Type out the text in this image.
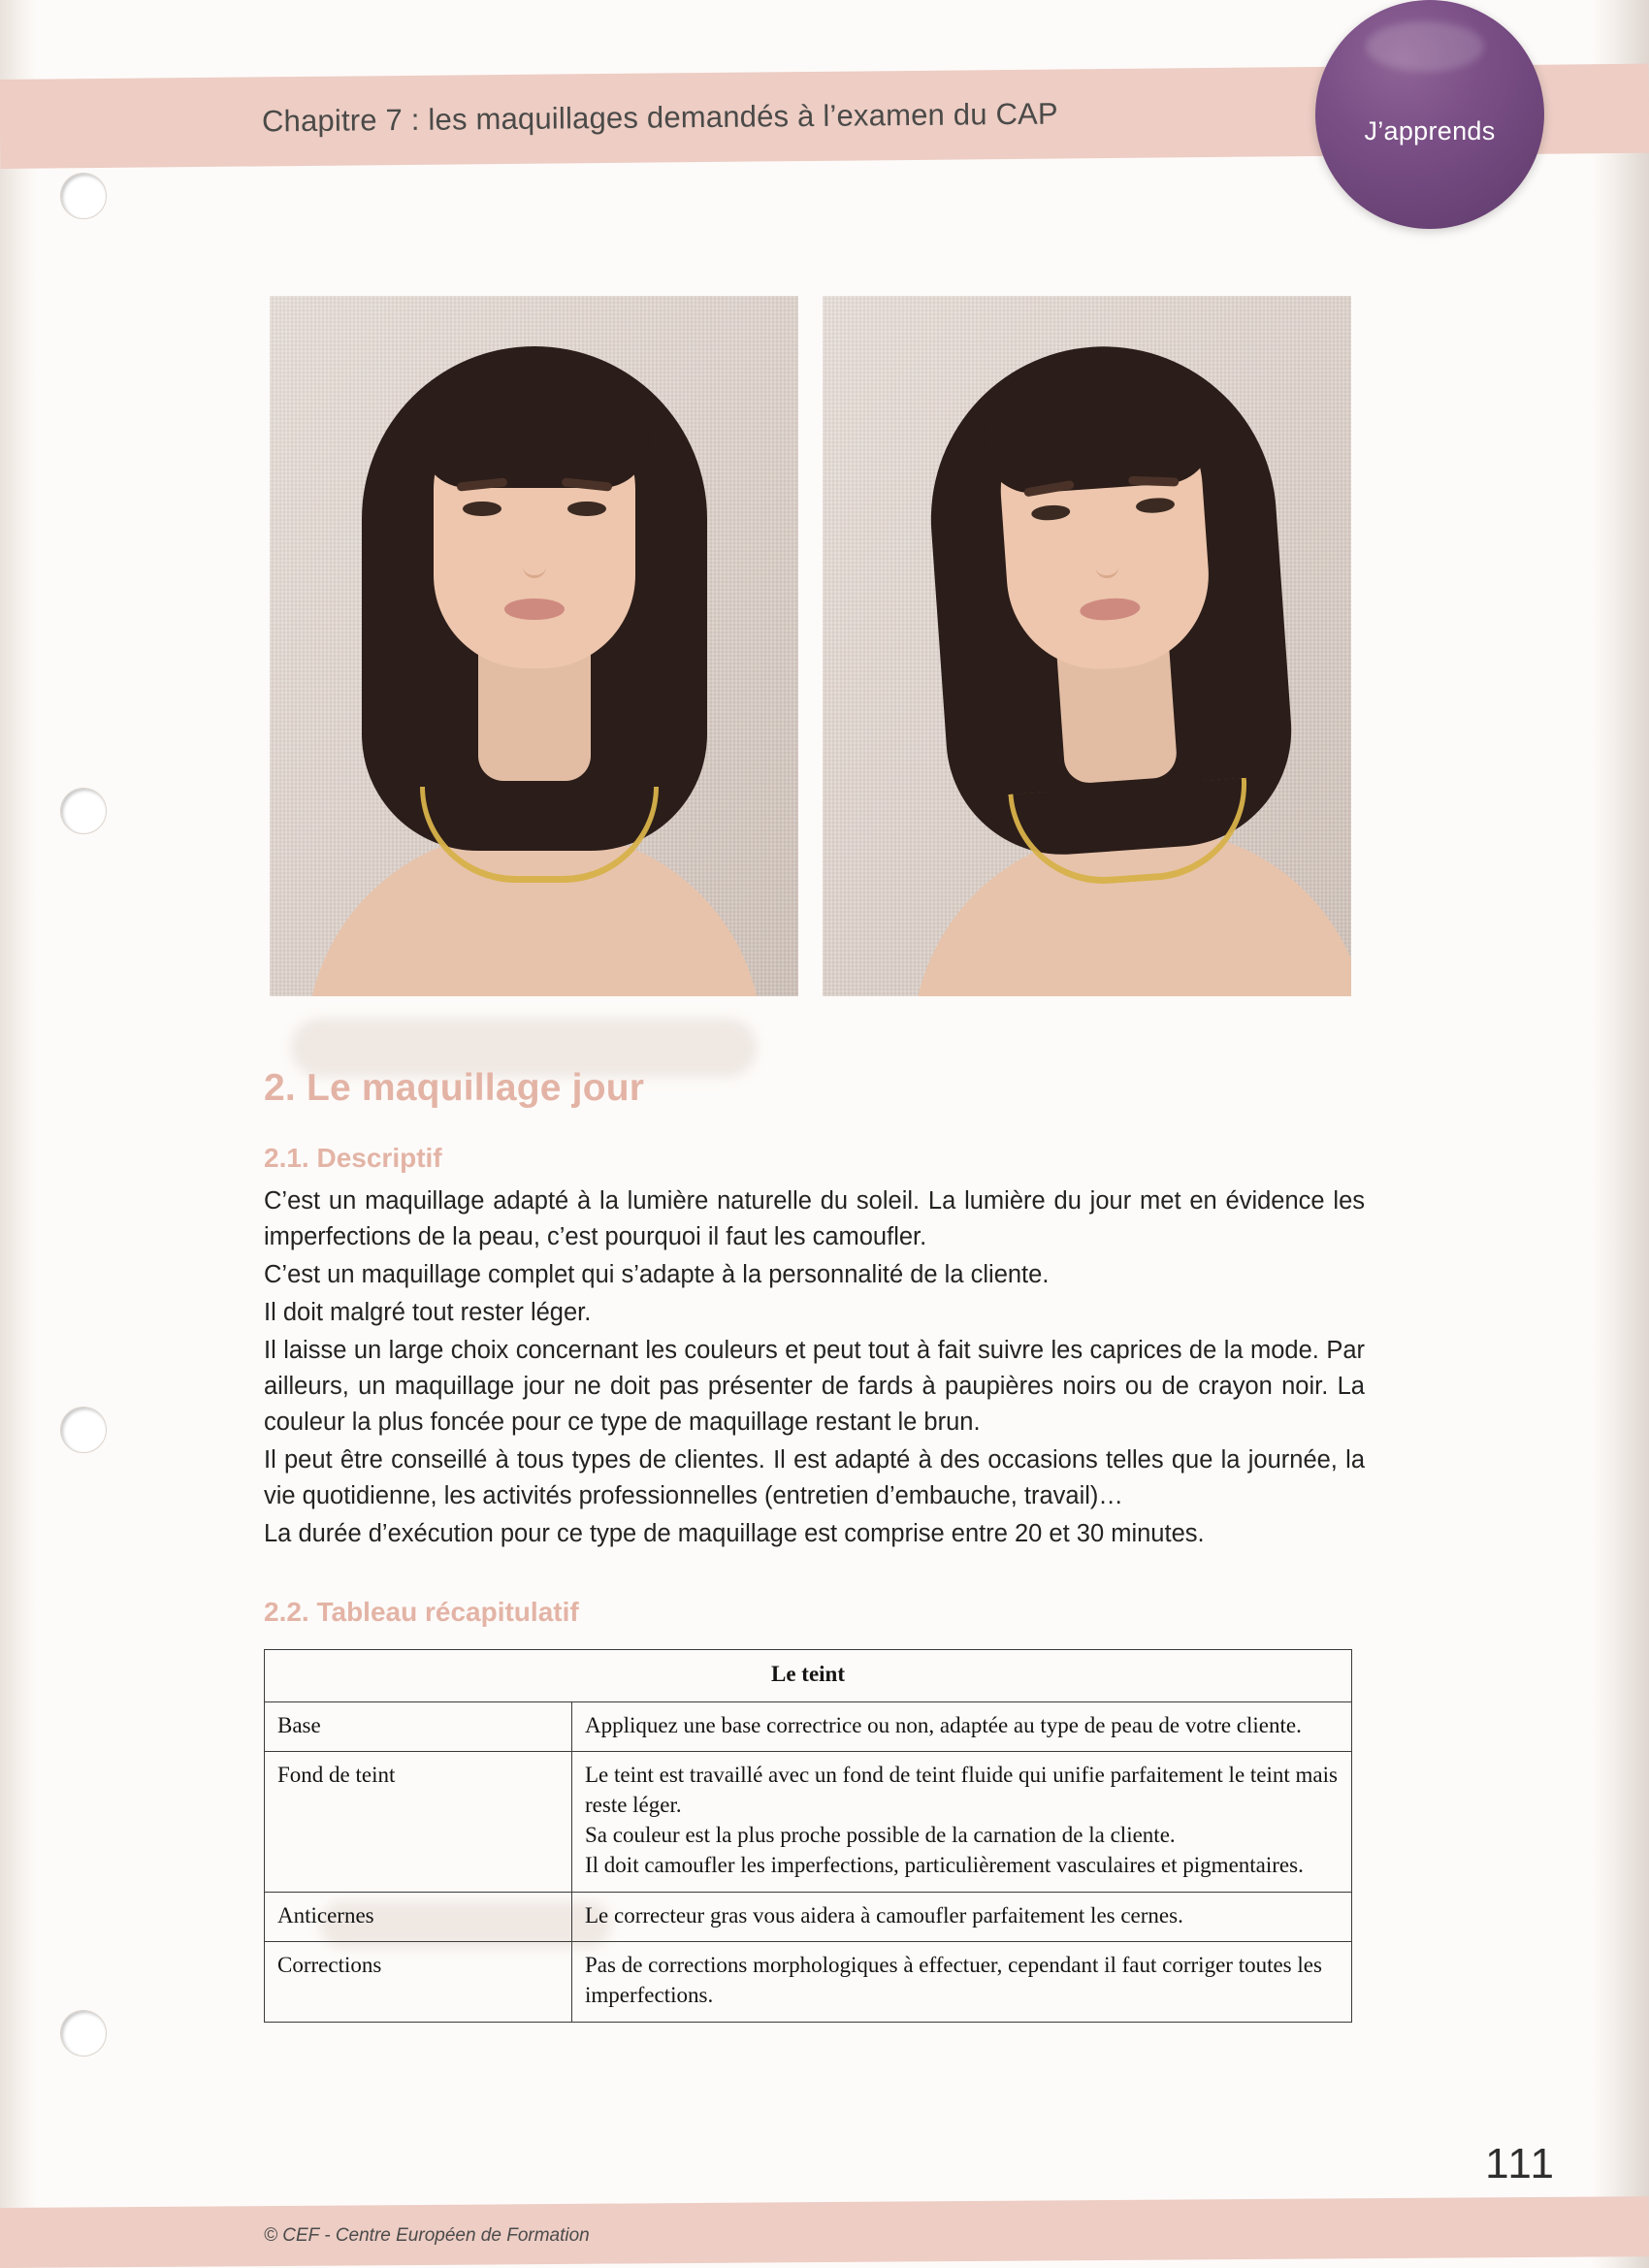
Chapitre 7 : les maquillages demandés à l’examen du CAP	J’apprends
2. Le maquillage jour
2.1. Descriptif

C’est un maquillage adapté à la lumière naturelle du soleil. La lumière du jour met en évidence les imperfections de la peau, c’est pourquoi il faut les camoufler.

C’est un maquillage complet qui s’adapte à la personnalité de la cliente.

Il doit malgré tout rester léger.

Il laisse un large choix concernant les couleurs et peut tout à fait suivre les caprices de la mode. Par ailleurs, un maquillage jour ne doit pas présenter de fards à paupières noirs ou de crayon noir. La couleur la plus foncée pour ce type de maquillage restant le brun.

Il peut être conseillé à tous types de clientes. Il est adapté à des occasions telles que la journée, la vie quotidienne, les activités professionnelles (entretien d’embauche, travail)…

La durée d’exécution pour ce type de maquillage est comprise entre 20 et 30 minutes.

2.2. Tableau récapitulatif
Le teint	
Base	Appliquez une base correctrice ou non, adaptée au type de peau de votre cliente.

Fond de teint	Le teint est travaillé avec un fond de teint fluide qui unifie parfaitement le teint mais reste léger.

Sa couleur est la plus proche possible de la carnation de la cliente.

Il doit camoufler les imperfections, particulièrement vasculaires et pigmentaires.

Anticernes	Le correcteur gras vous aidera à camoufler parfaitement les cernes.

Corrections	Pas de corrections morphologiques à effectuer, cependant il faut corriger toutes les imperfections.

© CEF - Centre Européen de Formation
111
